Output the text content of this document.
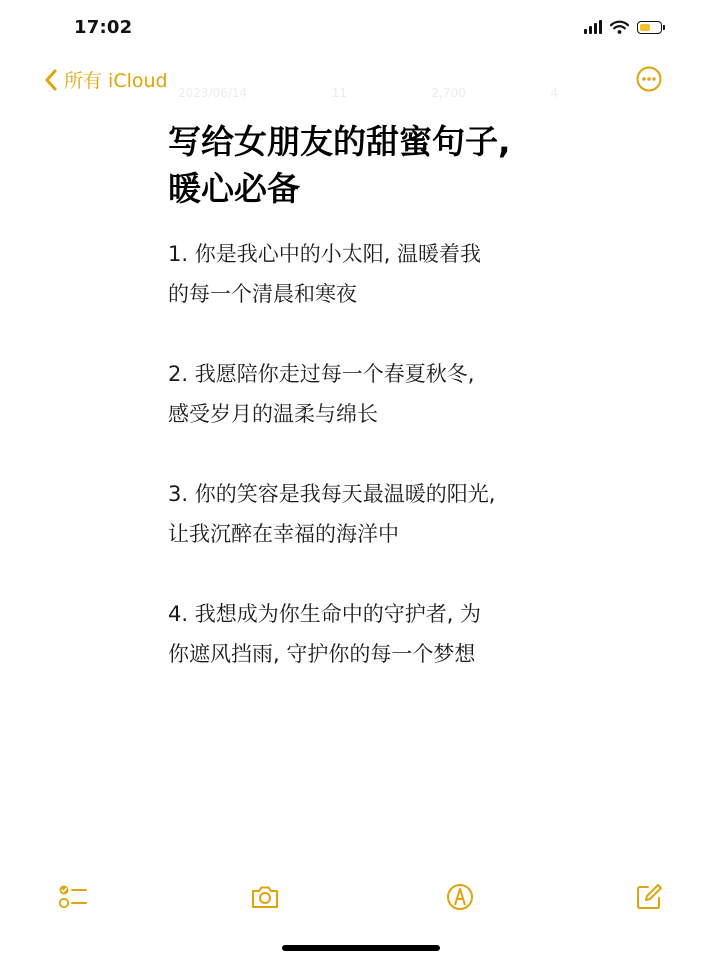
17:02
所有 iCloud
2023/06/14	11	2,700	4
写给女朋友的甜蜜句子,
暖心必备

1. 你是我心中的小太阳, 温暖着我
的每一个清晨和寒夜

2. 我愿陪你走过每一个春夏秋冬,
感受岁月的温柔与绵长

3. 你的笑容是我每天最温暖的阳光,
让我沉醉在幸福的海洋中

4. 我想成为你生命中的守护者, 为
你遮风挡雨, 守护你的每一个梦想
